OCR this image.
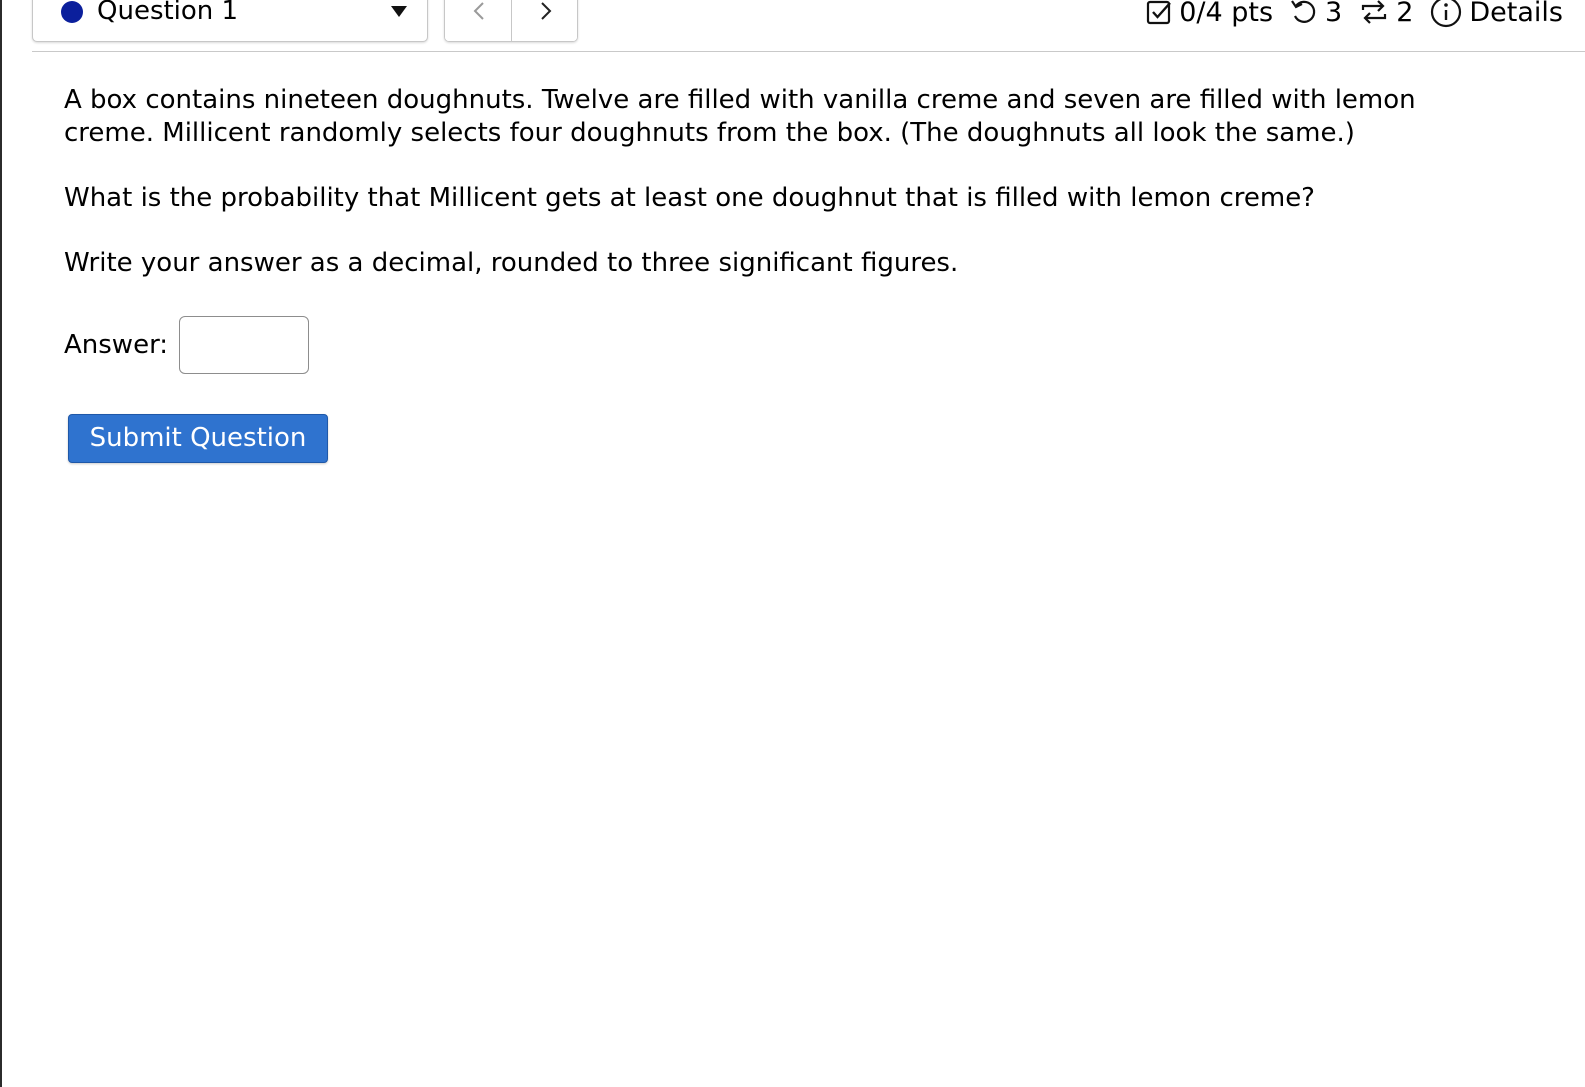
Question 1	0/4 pts 3 2 Details

A box contains nineteen doughnuts. Twelve are filled with vanilla creme and seven are filled with lemon creme. Millicent randomly selects four doughnuts from the box. (The doughnuts all look the same.)

What is the probability that Millicent gets at least one doughnut that is filled with lemon creme?

Write your answer as a decimal, rounded to three significant figures.

Answer:
Submit Question
